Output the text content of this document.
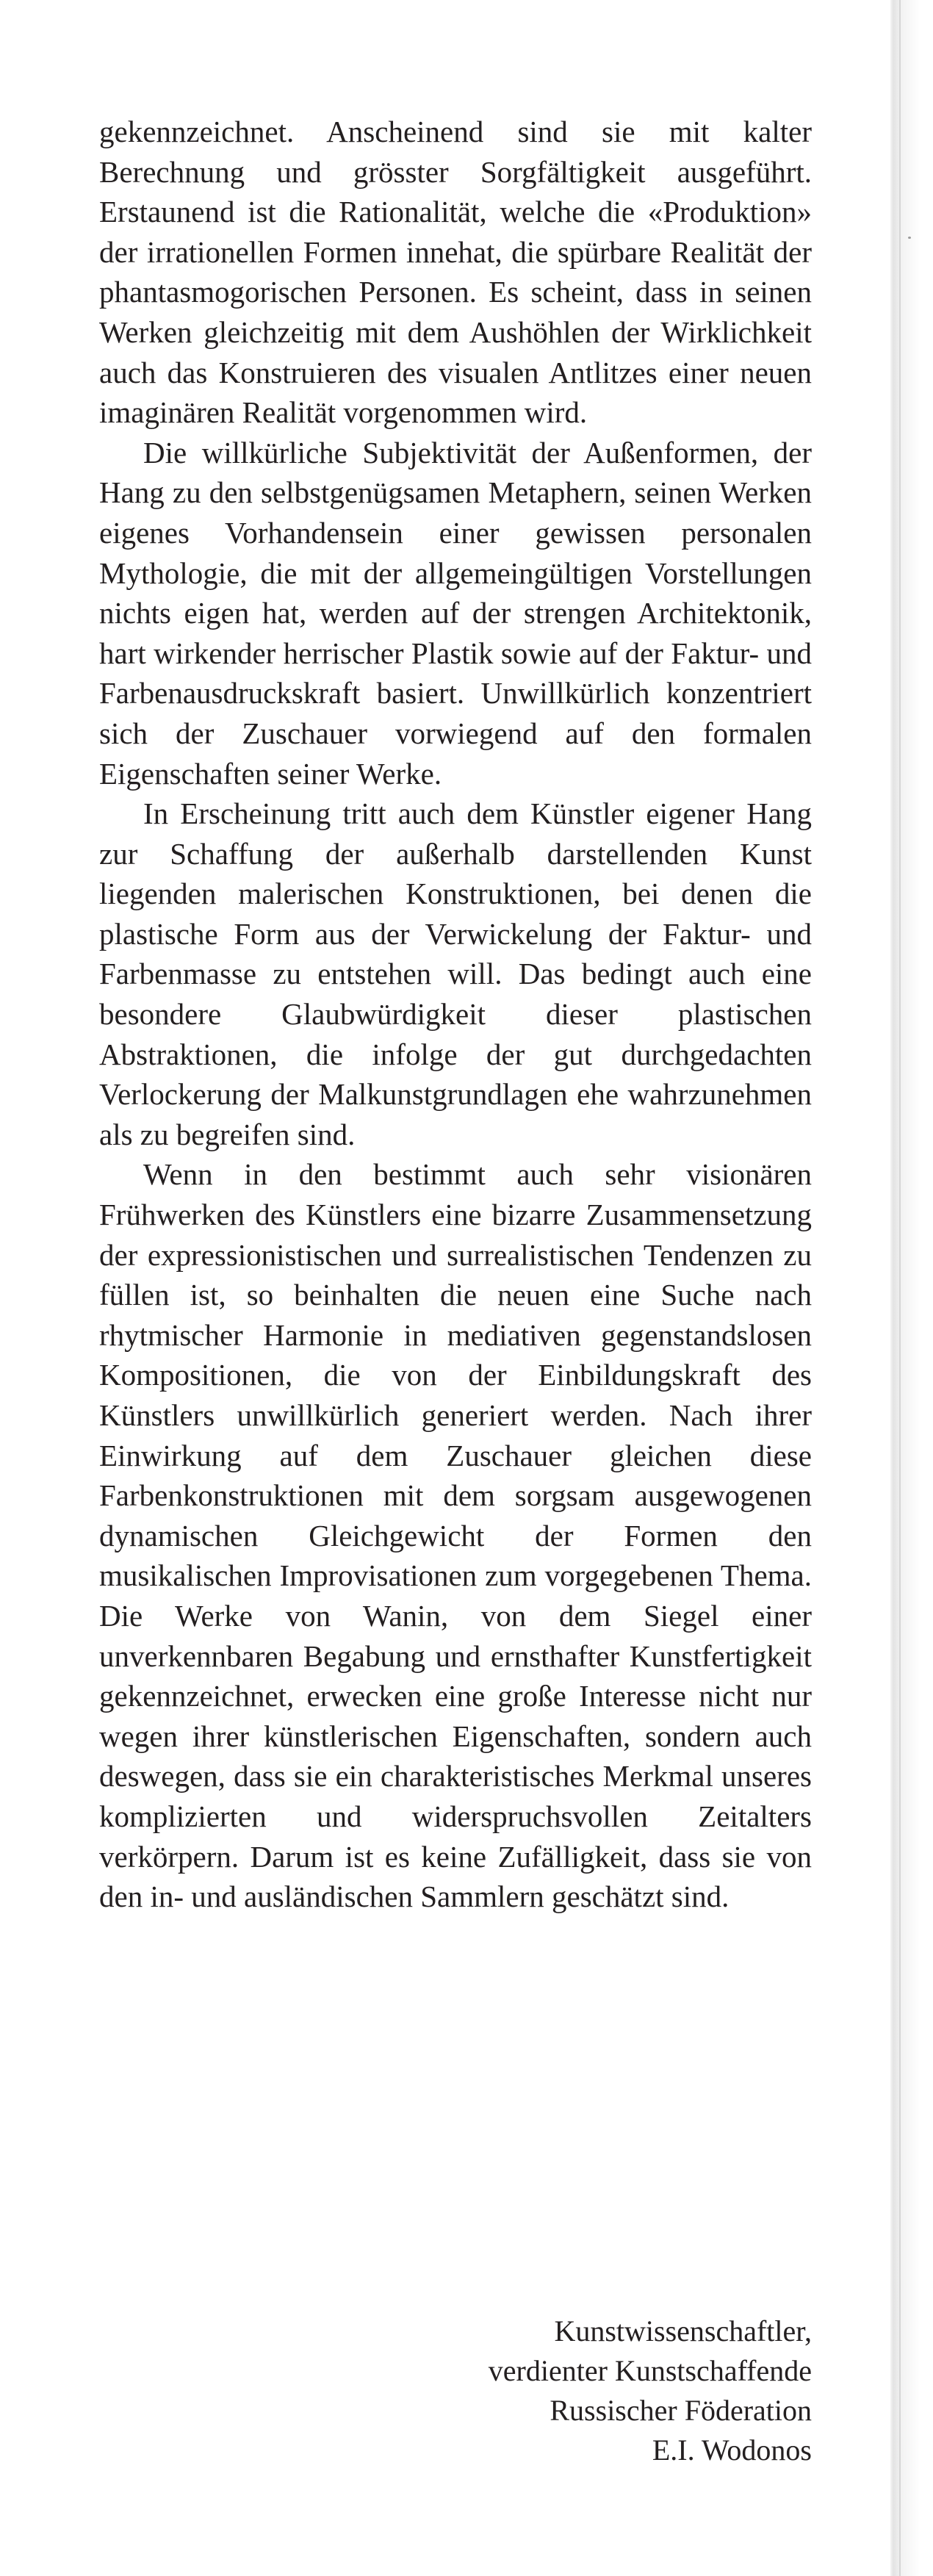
gekennzeichnet. Anscheinend sind sie mit kalter Berechnung und grösster Sorgfältigkeit ausgeführt. Erstaunend ist die Rationalität, welche die «Produktion» der irrationellen Formen innehat, die spürbare Realität der phantasmogorischen Personen. Es scheint, dass in seinen Werken gleichzeitig mit dem Aushöhlen der Wirklichkeit auch das Konstruieren des visualen Antlitzes einer neuen imaginären Realität vorgenommen wird.

Die willkürliche Subjektivität der Außenformen, der Hang zu den selbstgenügsamen Metaphern, seinen Werken eigenes Vorhandensein einer gewissen personalen Mythologie, die mit der allgemeingültigen Vorstellungen nichts eigen hat, werden auf der strengen Architektonik, hart wirkender herrischer Plastik sowie auf der Faktur- und Farbenausdruckskraft basiert. Unwillkürlich konzentriert sich der Zuschauer vorwiegend auf den formalen Eigenschaften seiner Werke.

In Erscheinung tritt auch dem Künstler eigener Hang zur Schaffung der außerhalb darstellenden Kunst liegenden malerischen Konstruktionen, bei denen die plastische Form aus der Verwickelung der Faktur- und Farbenmasse zu entstehen will. Das bedingt auch eine besondere Glaubwürdigkeit dieser plastischen Abstraktionen, die infolge der gut durchgedachten Verlockerung der Malkunstgrundlagen ehe wahrzunehmen als zu begreifen sind.

Wenn in den bestimmt auch sehr visionären Frühwerken des Künstlers eine bizarre Zusammensetzung der expressionistischen und surrealistischen Tendenzen zu füllen ist, so beinhalten die neuen eine Suche nach rhytmischer Harmonie in mediativen gegenstandslosen Kompositionen, die von der Einbildungskraft des Künstlers unwillkürlich generiert werden. Nach ihrer Einwirkung auf dem Zuschauer gleichen diese Farbenkonstruktionen mit dem sorgsam ausgewogenen dynamischen Gleichgewicht der Formen den musikalischen Improvisationen zum vorgegebenen Thema. Die Werke von Wanin, von dem Siegel einer unverkennbaren Begabung und ernsthafter Kunstfertigkeit gekennzeichnet, erwecken eine große Interesse nicht nur wegen ihrer künstlerischen Eigenschaften, sondern auch deswegen, dass sie ein charakteristisches Merkmal unseres komplizierten und widerspruchsvollen Zeitalters verkörpern. Darum ist es keine Zufälligkeit, dass sie von den in- und ausländischen Sammlern geschätzt sind.

Kunstwissenschaftler,
verdienter Kunstschaffende
Russischer Föderation
E.I. Wodonos
